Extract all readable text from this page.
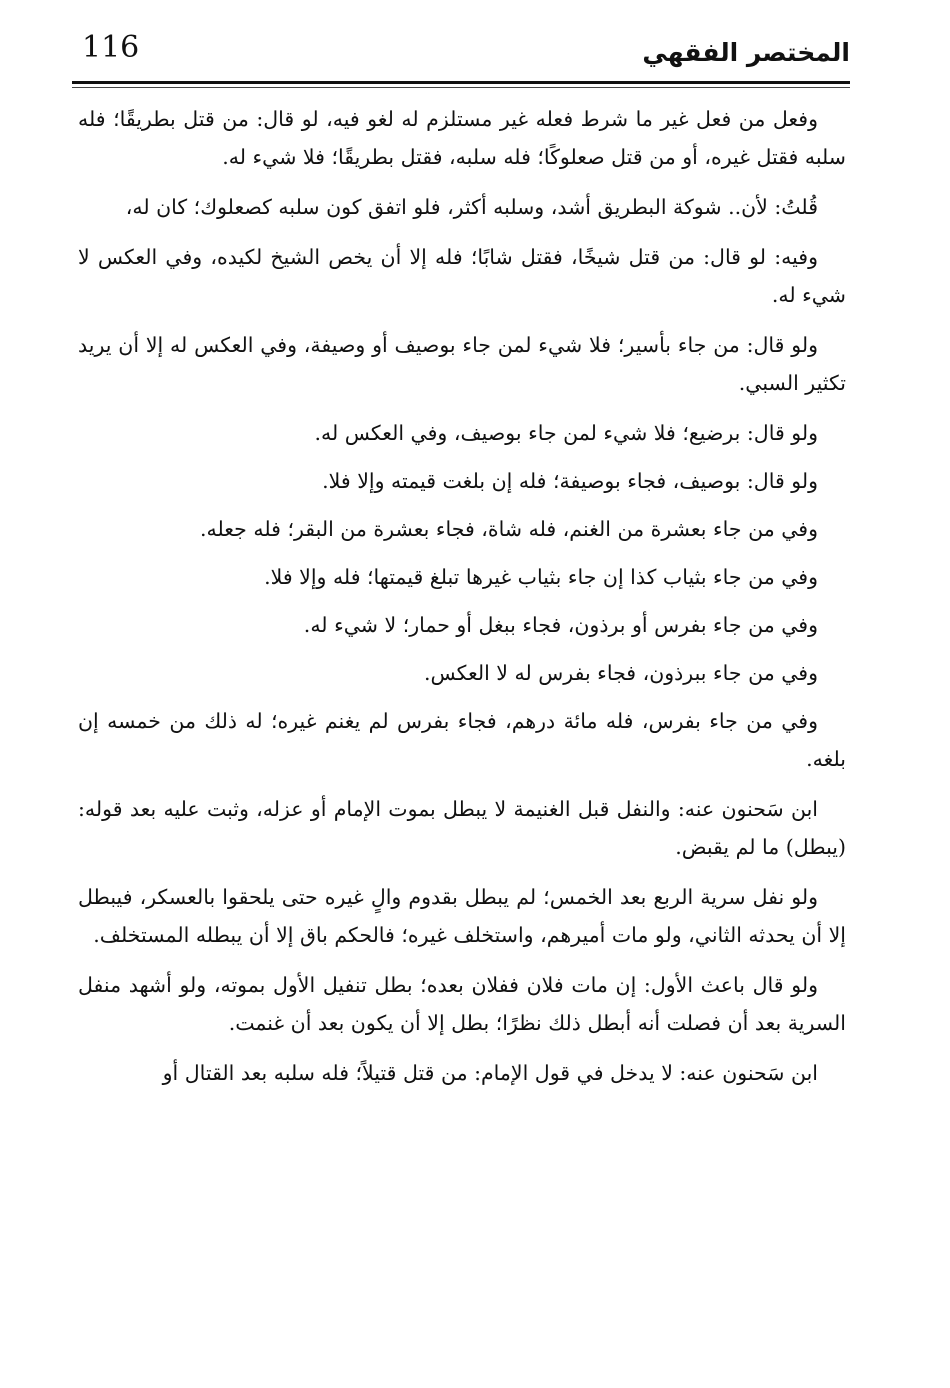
116	المختصر الفقهي

وفعل من فعل غير ما شرط فعله غير مستلزم له لغو فيه، لو قال: من قتل بطريقًا؛ فله سلبه فقتل غيره، أو من قتل صعلوكًا؛ فله سلبه، فقتل بطريقًا؛ فلا شيء له.

قُلتُ: لأن.. شوكة البطريق أشد، وسلبه أكثر، فلو اتفق كون سلبه كصعلوك؛ كان له،

وفيه: لو قال: من قتل شيخًا، فقتل شابًا؛ فله إلا أن يخص الشيخ لكيده، وفي العكس لا شيء له.

ولو قال: من جاء بأسير؛ فلا شيء لمن جاء بوصيف أو وصيفة، وفي العكس له إلا أن يريد تكثير السبي.

ولو قال: برضيع؛ فلا شيء لمن جاء بوصيف، وفي العكس له.

ولو قال: بوصيف، فجاء بوصيفة؛ فله إن بلغت قيمته وإلا فلا.

وفي من جاء بعشرة من الغنم، فله شاة، فجاء بعشرة من البقر؛ فله جعله.

وفي من جاء بثياب كذا إن جاء بثياب غيرها تبلغ قيمتها؛ فله وإلا فلا.

وفي من جاء بفرس أو برذون، فجاء ببغل أو حمار؛ لا شيء له.

وفي من جاء ببرذون، فجاء بفرس له لا العكس.

وفي من جاء بفرس، فله مائة درهم، فجاء بفرس لم يغنم غيره؛ له ذلك من خمسه إن بلغه.

ابن سَحنون عنه: والنفل قبل الغنيمة لا يبطل بموت الإمام أو عزله، وثبت عليه بعد قوله: (يبطل) ما لم يقبض.

ولو نفل سرية الربع بعد الخمس؛ لم يبطل بقدوم والٍ غيره حتى يلحقوا بالعسكر، فيبطل إلا أن يحدثه الثاني، ولو مات أميرهم، واستخلف غيره؛ فالحكم باق إلا أن يبطله المستخلف.

ولو قال باعث الأول: إن مات فلان ففلان بعده؛ بطل تنفيل الأول بموته، ولو أشهد منفل السرية بعد أن فصلت أنه أبطل ذلك نظرًا؛ بطل إلا أن يكون بعد أن غنمت.

ابن سَحنون عنه: لا يدخل في قول الإمام: من قتل قتيلاً؛ فله سلبه بعد القتال أو
